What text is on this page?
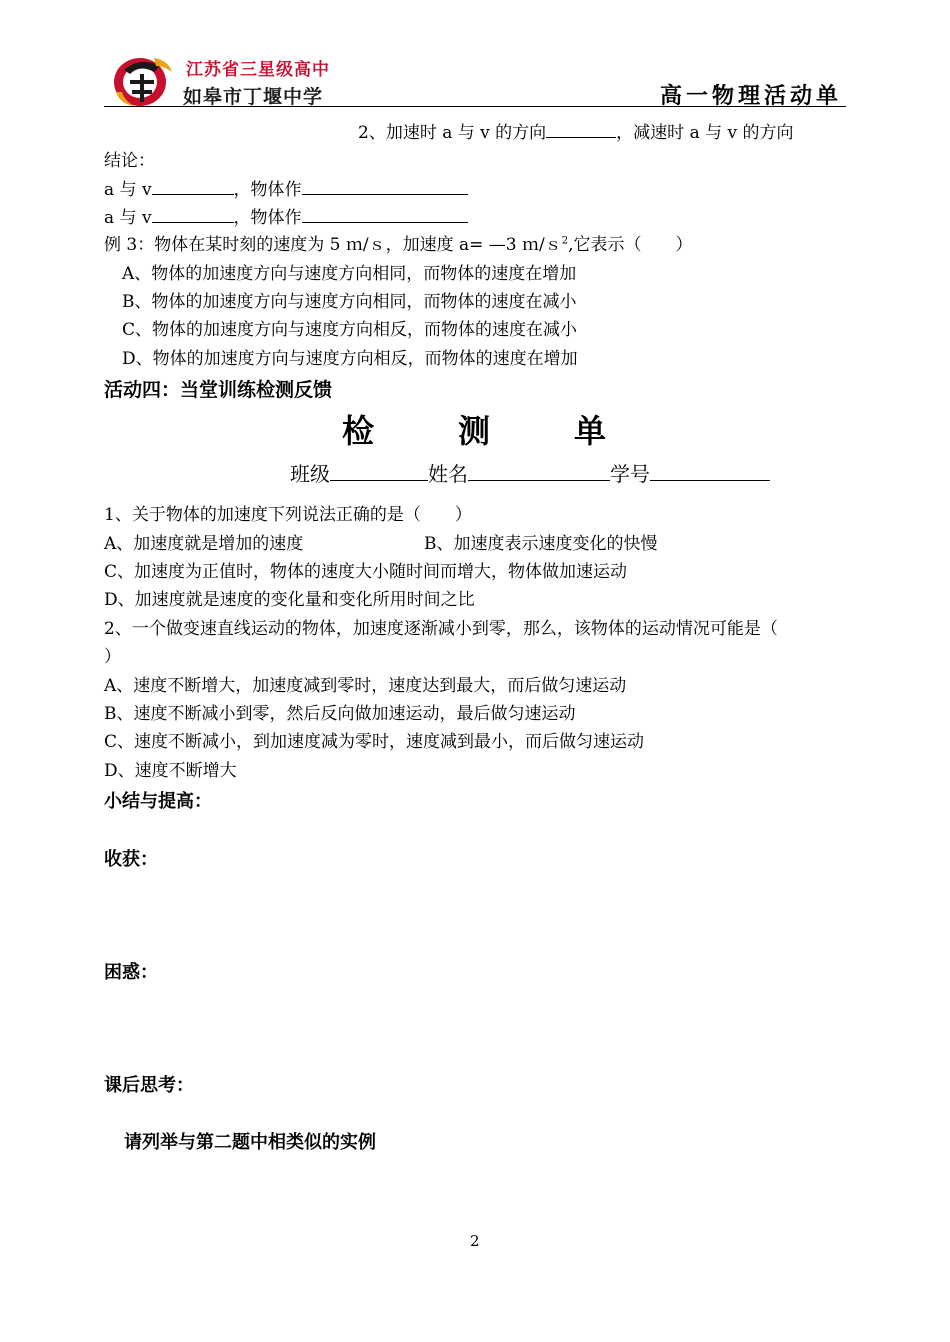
江苏省三星级高中
如皋市丁堰中学	高一物理活动单
2、加速时 a 与 v 的方向	，减速时 a 与 v 的方向
结论：
a 与 v	，物体作
a 与 v	，物体作
例 3：物体在某时刻的速度为 5 ｍ/ｓ，加速度 a= —3 ｍ/ｓ$^2$,它表示（　　）
A、物体的加速度方向与速度方向相同，而物体的速度在增加
B、物体的加速度方向与速度方向相同，而物体的速度在减小
C、物体的加速度方向与速度方向相反，而物体的速度在减小
D、物体的加速度方向与速度方向相反，而物体的速度在增加
活动四：当堂训练检测反馈
检	测	单
班级	姓名	学号
1、关于物体的加速度下列说法正确的是（　　）
A、加速度就是增加的速度	B、加速度表示速度变化的快慢
C、加速度为正值时，物体的速度大小随时间而增大，物体做加速运动
D、加速度就是速度的变化量和变化所用时间之比
2、一个做变速直线运动的物体，加速度逐渐减小到零，那么，该物体的运动情况可能是（
）
A、速度不断增大，加速度减到零时，速度达到最大，而后做匀速运动
B、速度不断减小到零，然后反向做加速运动，最后做匀速运动
C、速度不断减小，到加速度减为零时，速度减到最小，而后做匀速运动
D、速度不断增大
小结与提高：
收获：
困惑：
课后思考：
请列举与第二题中相类似的实例
2
